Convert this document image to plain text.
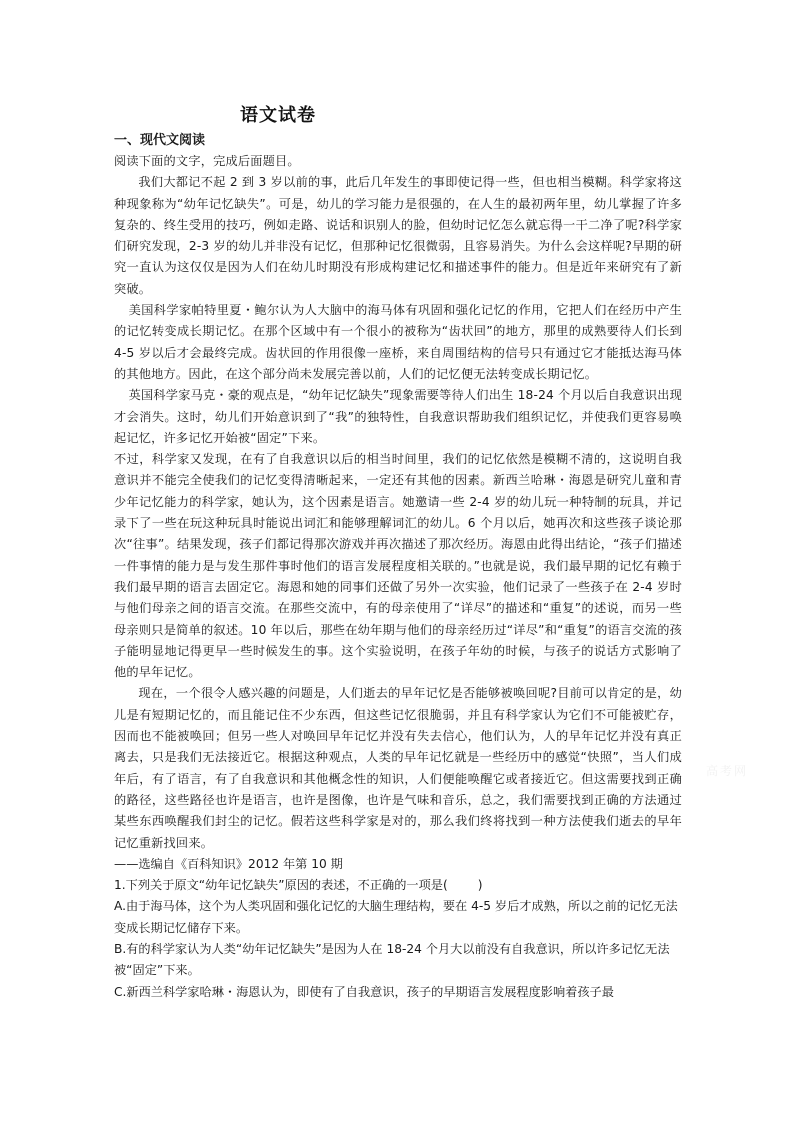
语文试卷

一、现代文阅读

阅读下面的文字，完成后面题目。

我们大都记不起 2 到 3 岁以前的事，此后几年发生的事即使记得一些，但也相当模糊。科学家将这种现象称为“幼年记忆缺失”。可是，幼儿的学习能力是很强的，在人生的最初两年里，幼儿掌握了许多复杂的、终生受用的技巧，例如走路、说话和识别人的脸，但幼时记忆怎么就忘得一干二净了呢?科学家们研究发现，2-3 岁的幼儿并非没有记忆，但那种记忆很微弱，且容易消失。为什么会这样呢?早期的研究一直认为这仅仅是因为人们在幼儿时期没有形成构建记忆和描述事件的能力。但是近年来研究有了新突破。

美国科学家帕特里夏・鲍尔认为人大脑中的海马体有巩固和强化记忆的作用，它把人们在经历中产生的记忆转变成长期记忆。在那个区域中有一个很小的被称为“齿状回”的地方，那里的成熟要待人们长到 4-5 岁以后才会最终完成。齿状回的作用很像一座桥，来自周围结构的信号只有通过它才能抵达海马体的其他地方。因此，在这个部分尚未发展完善以前，人们的记忆便无法转变成长期记忆。

英国科学家马克・豪的观点是，“幼年记忆缺失”现象需要等待人们出生 18-24 个月以后自我意识出现才会消失。这时，幼儿们开始意识到了“我”的独特性，自我意识帮助我们组织记忆，并使我们更容易唤起记忆，许多记忆开始被“固定”下来。

不过，科学家又发现，在有了自我意识以后的相当时间里，我们的记忆依然是模糊不清的，这说明自我意识并不能完全使我们的记忆变得清晰起来，一定还有其他的因素。新西兰哈琳・海恩是研究儿童和青少年记忆能力的科学家，她认为，这个因素是语言。她邀请一些 2-4 岁的幼儿玩一种特制的玩具，并记录下了一些在玩这种玩具时能说出词汇和能够理解词汇的幼儿。6 个月以后，她再次和这些孩子谈论那次“往事”。结果发现，孩子们都记得那次游戏并再次描述了那次经历。海恩由此得出结论，“孩子们描述一件事情的能力是与发生那件事时他们的语言发展程度相关联的。”也就是说，我们最早期的记忆有赖于我们最早期的语言去固定它。海恩和她的同事们还做了另外一次实验，他们记录了一些孩子在 2-4 岁时与他们母亲之间的语言交流。在那些交流中，有的母亲使用了“详尽”的描述和“重复”的述说，而另一些母亲则只是简单的叙述。10 年以后，那些在幼年期与他们的母亲经历过“详尽”和“重复”的语言交流的孩子能明显地记得更早一些时候发生的事。这个实验说明，在孩子年幼的时候，与孩子的说话方式影响了他的早年记忆。

现在，一个很令人感兴趣的问题是，人们逝去的早年记忆是否能够被唤回呢?目前可以肯定的是，幼儿是有短期记忆的，而且能记住不少东西，但这些记忆很脆弱，并且有科学家认为它们不可能被贮存，因而也不能被唤回；但另一些人对唤回早年记忆并没有失去信心，他们认为，人的早年记忆并没有真正离去，只是我们无法接近它。根据这种观点，人类的早年记忆就是一些经历中的感觉“快照”，当人们成年后，有了语言，有了自我意识和其他概念性的知识，人们便能唤醒它或者接近它。但这需要找到正确的路径，这些路径也许是语言，也许是图像，也许是气味和音乐，总之，我们需要找到正确的方法通过某些东西唤醒我们封尘的记忆。假若这些科学家是对的，那么我们终将找到一种方法使我们逝去的早年记忆重新找回来。

——选编自《百科知识》2012 年第 10 期

1.下列关于原文“幼年记忆缺失”原因的表述，不正确的一项是( )

A.由于海马体，这个为人类巩固和强化记忆的大脑生理结构，要在 4-5 岁后才成熟，所以之前的记忆无法变成长期记忆储存下来。

B.有的科学家认为人类“幼年记忆缺失”是因为人在 18-24 个月大以前没有自我意识，所以许多记忆无法被“固定”下来。

C.新西兰科学家哈琳・海恩认为，即使有了自我意识，孩子的早期语言发展程度影响着孩子最

高考网
